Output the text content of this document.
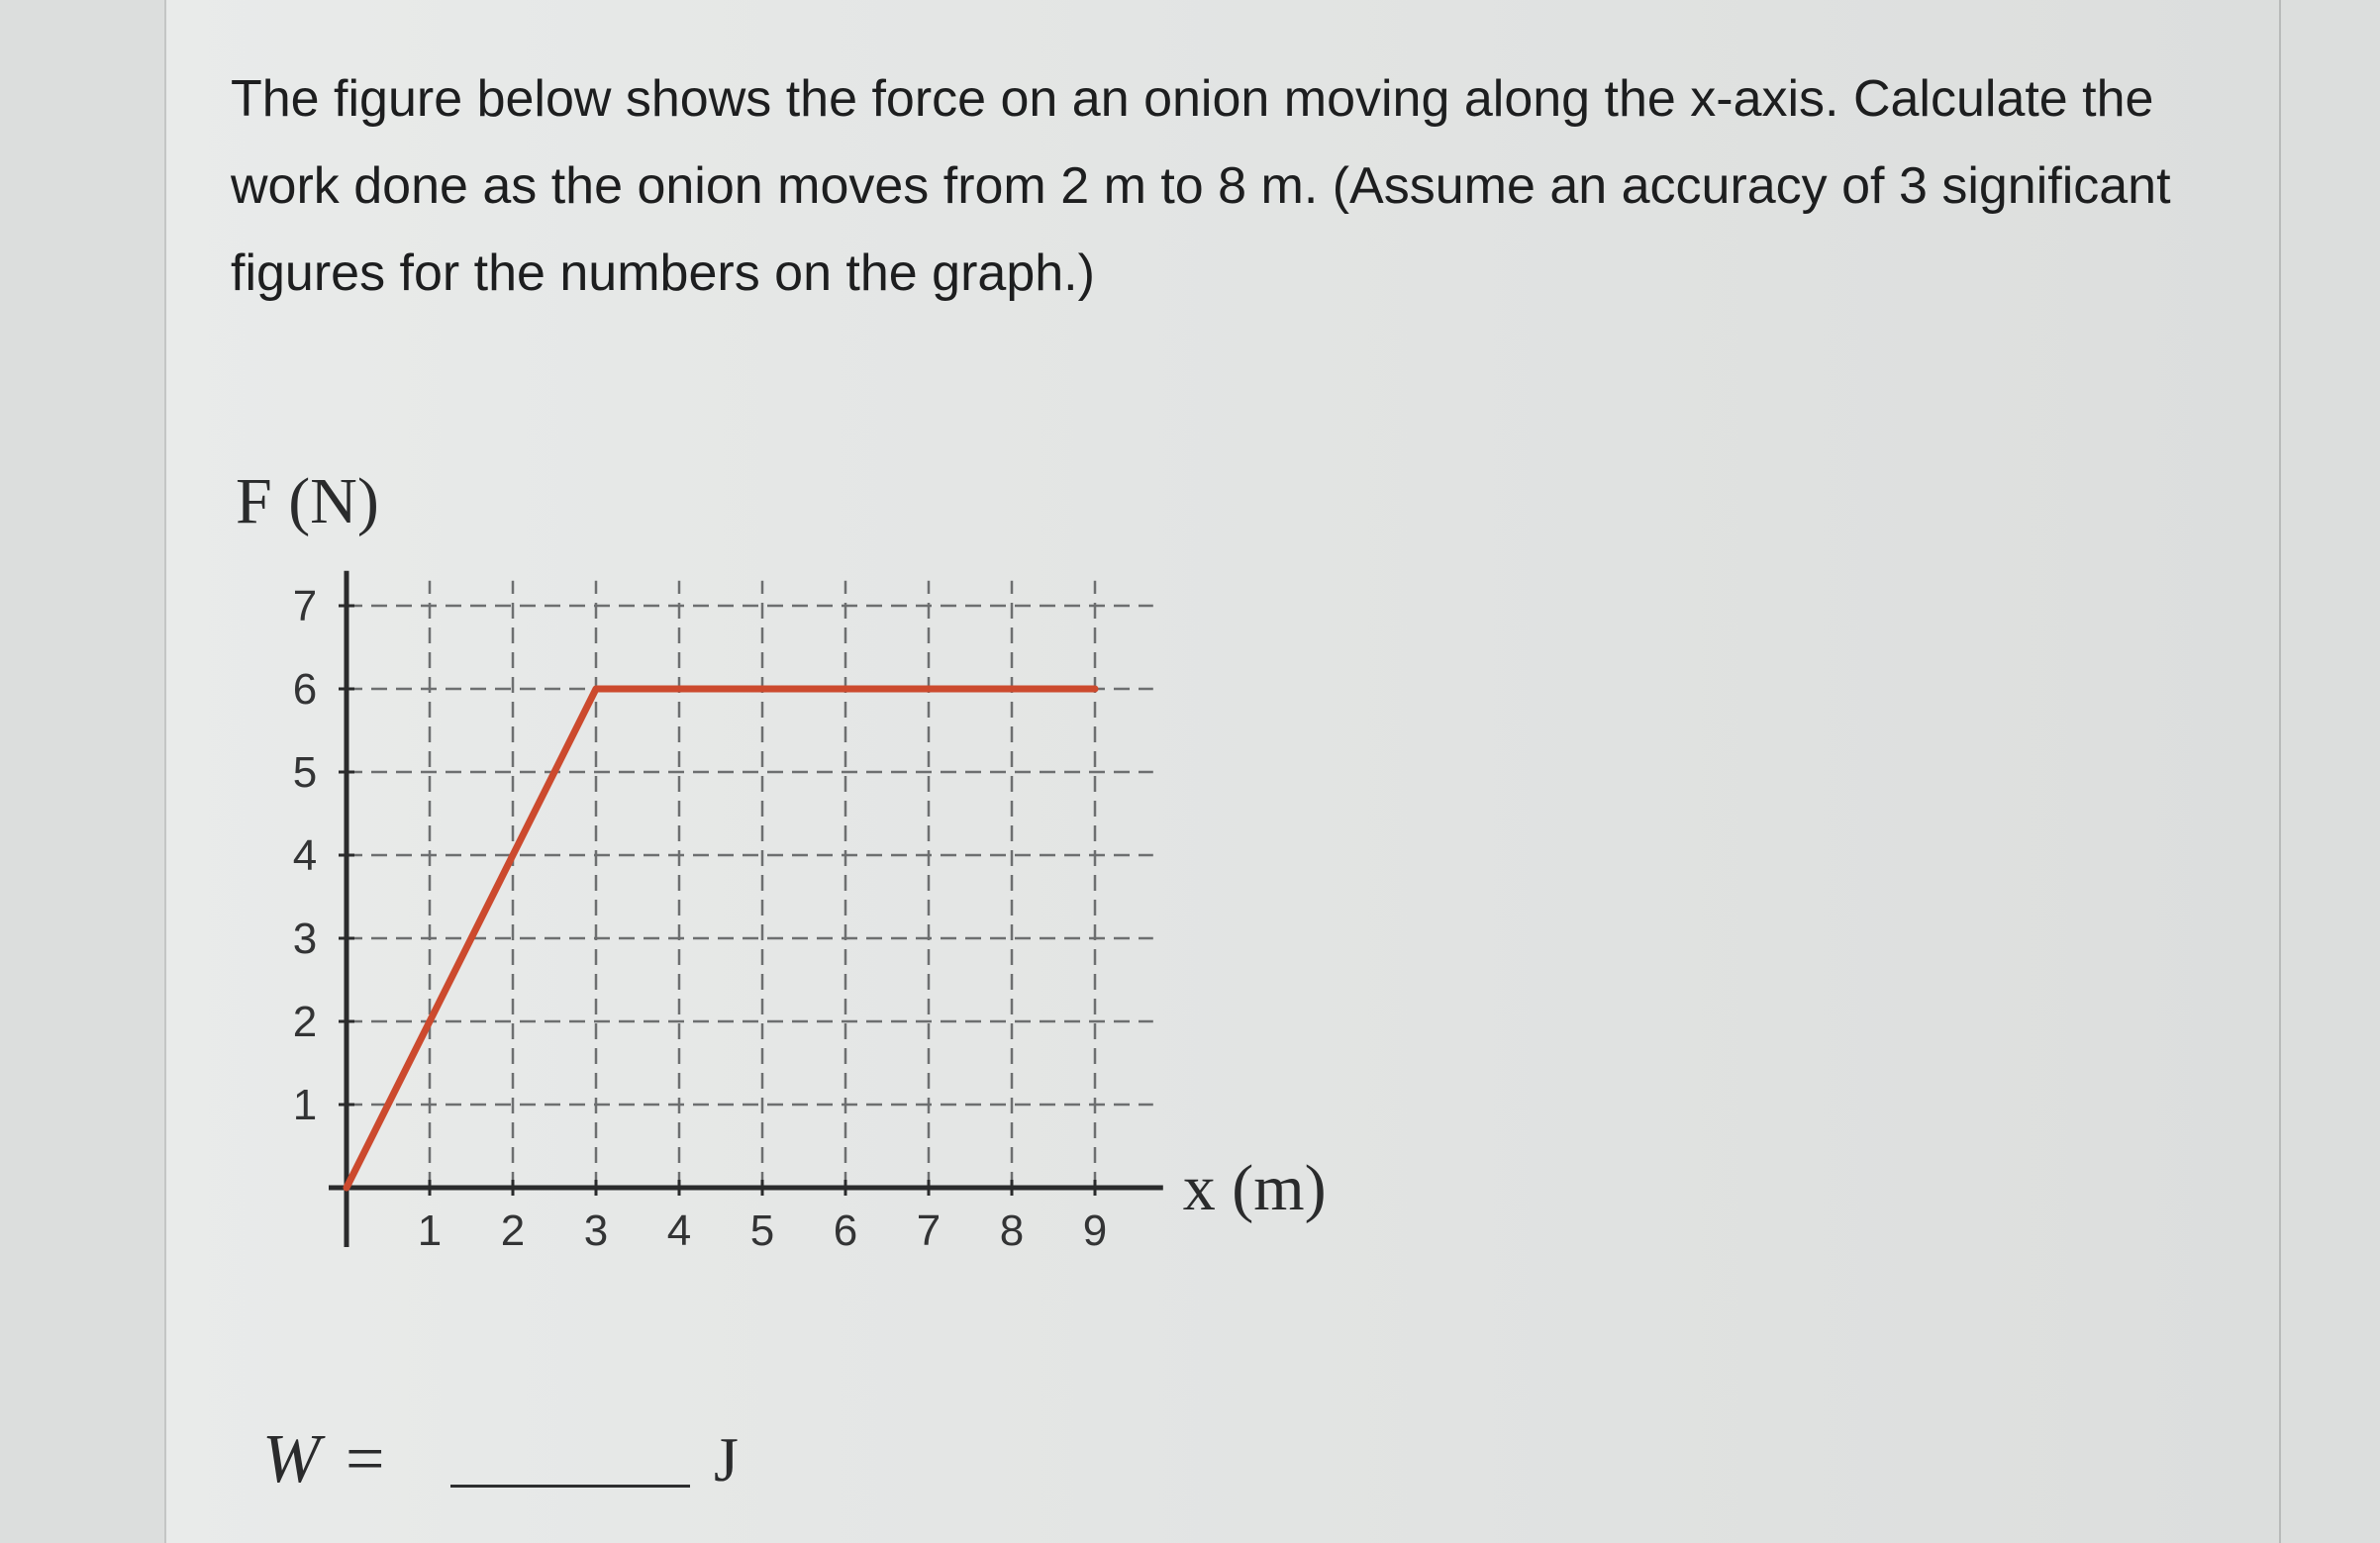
The figure below shows the force on an onion moving along the x-axis. Calculate the work done as the onion moves from 2 m to 8 m. (Assume an accuracy of 3 significant figures for the numbers on the graph.)

1 2 3 4 5 6 7 8 9
1
2
3
4
5
6
7
F (N)
x (m)
W =	J
